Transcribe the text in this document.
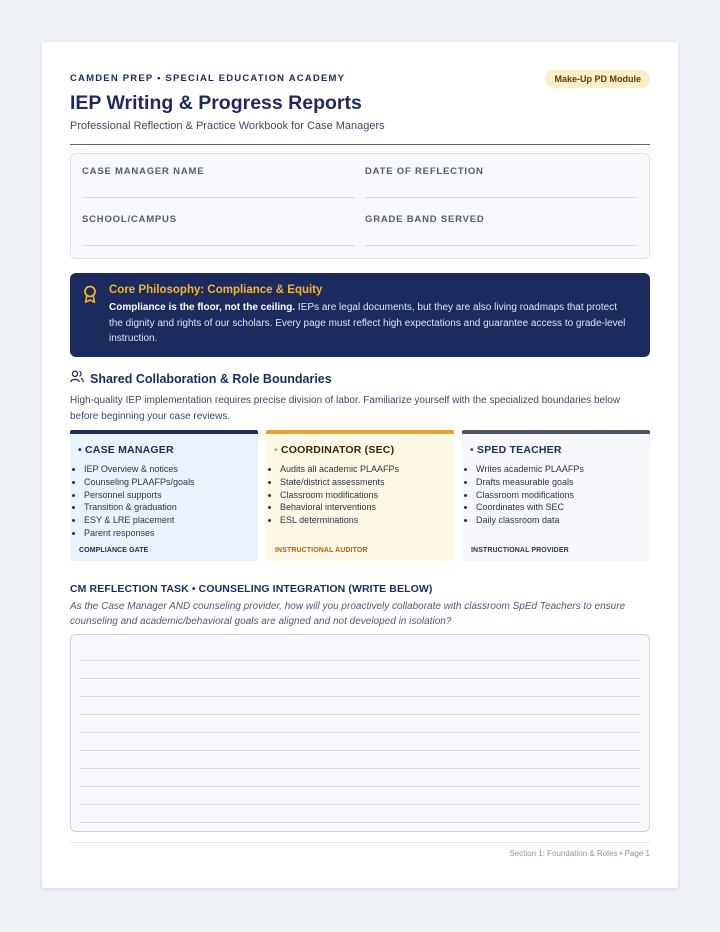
CAMDEN PREP • SPECIAL EDUCATION ACADEMY	Make-Up PD Module
IEP Writing & Progress Reports
Professional Reflection & Practice Workbook for Case Managers
CASE MANAGER NAME	DATE OF REFLECTION
SCHOOL/CAMPUS	GRADE BAND SERVED
Core Philosophy: Compliance & Equity
Compliance is the floor, not the ceiling. IEPs are legal documents, but they are also living roadmaps that protect the dignity and rights of our scholars. Every page must reflect high expectations and guarantee access to grade-level instruction.
Shared Collaboration & Role Boundaries
High-quality IEP implementation requires precise division of labor. Familiarize yourself with the specialized boundaries below before beginning your case reviews.
• CASE MANAGER
• IEP Overview & notices
• Counseling PLAAFPs/goals
• Personnel supports
• Transition & graduation
• ESY & LRE placement
• Parent responses
COMPLIANCE GATE
• COORDINATOR (SEC)
• Audits all academic PLAAFPs
• State/district assessments
• Classroom modifications
• Behavioral interventions
• ESL determinations
INSTRUCTIONAL AUDITOR
• SPED TEACHER
• Writes academic PLAAFPs
• Drafts measurable goals
• Classroom modifications
• Coordinates with SEC
• Daily classroom data
INSTRUCTIONAL PROVIDER
CM REFLECTION TASK • COUNSELING INTEGRATION (WRITE BELOW)
As the Case Manager AND counseling provider, how will you proactively collaborate with classroom SpEd Teachers to ensure counseling and academic/behavioral goals are aligned and not developed in isolation?
Section 1: Foundation & Roles • Page 1
